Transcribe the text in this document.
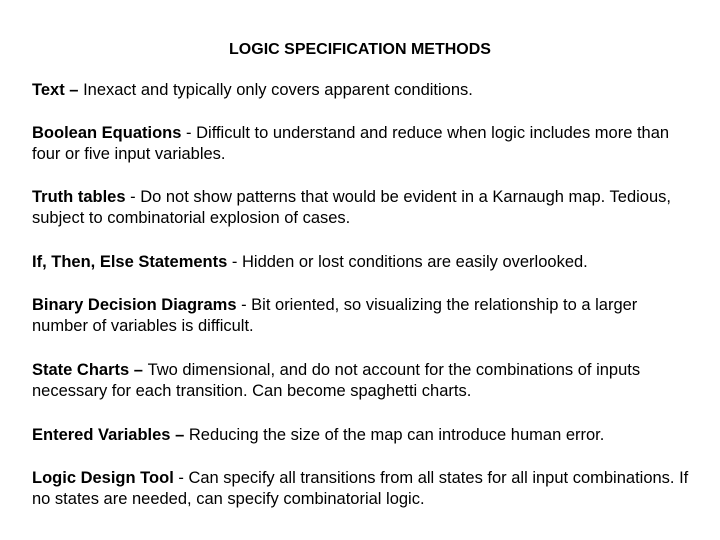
LOGIC SPECIFICATION METHODS
Text – Inexact and typically only covers apparent conditions.
Boolean Equations - Difficult to understand and reduce when logic includes more than four or five input variables.
Truth tables - Do not show patterns that would be evident in a Karnaugh map. Tedious, subject to combinatorial explosion of cases.
If, Then, Else Statements - Hidden or lost conditions are easily overlooked.
Binary Decision Diagrams - Bit oriented, so visualizing the relationship to a larger number of variables is difficult.
State Charts – Two dimensional, and do not account for the combinations of inputs necessary for each transition. Can become spaghetti charts.
Entered Variables – Reducing the size of the map can introduce human error.
Logic Design Tool - Can specify all transitions from all states for all input combinations. If no states are needed, can specify combinatorial logic.
